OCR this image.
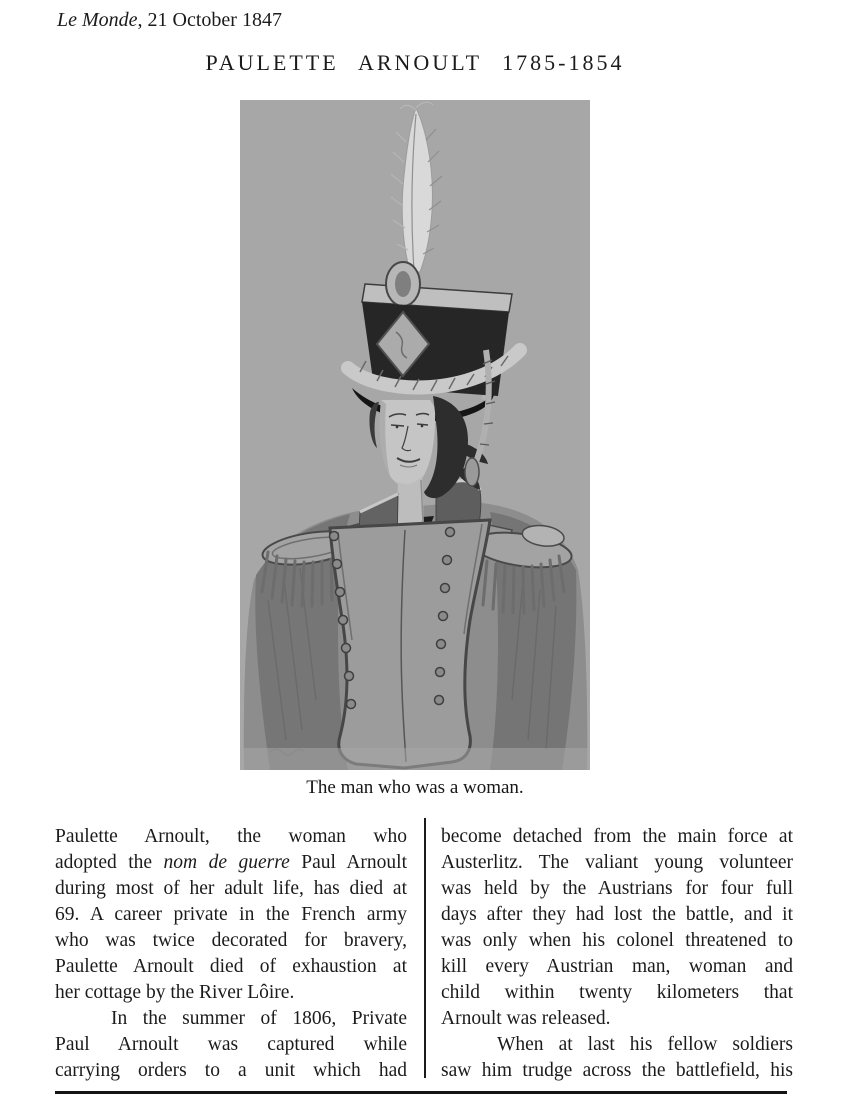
Le Monde, 21 October 1847
PAULETTE ARNOULT 1785-1854
The man who was a woman.
Paulette Arnoult, the woman who
adopted the nom de guerre Paul Arnoult
during most of her adult life, has died at
69. A career private in the French army
who was twice decorated for bravery,
Paulette Arnoult died of exhaustion at
her cottage by the River Lôire.
In the summer of 1806, Private
Paul Arnoult was captured while
carrying orders to a unit which had
become detached from the main force at
Austerlitz. The valiant young volunteer
was held by the Austrians for four full
days after they had lost the battle, and it
was only when his colonel threatened to
kill every Austrian man, woman and
child within twenty kilometers that
Arnoult was released.
When at last his fellow soldiers
saw him trudge across the battlefield, his
